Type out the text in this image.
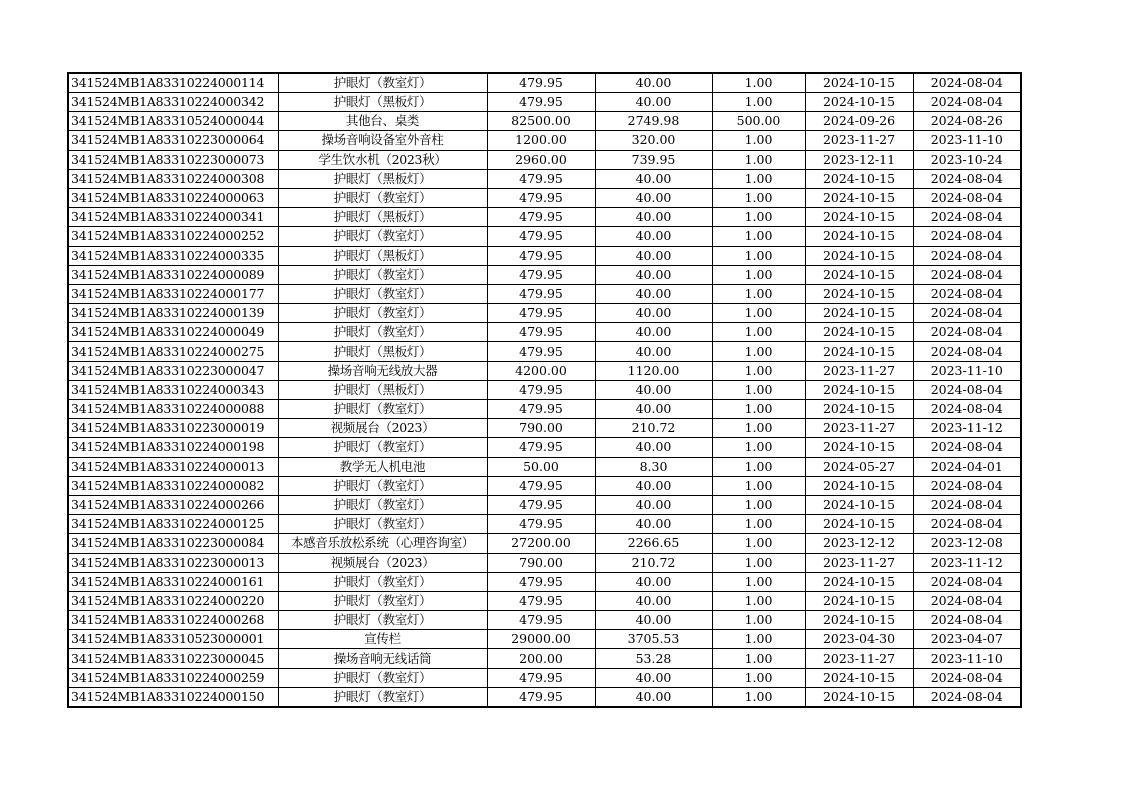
341524MB1A83310224000114	护眼灯（教室灯）	479.95	40.00	1.00	2024-10-15	2024-08-04
341524MB1A83310224000342	护眼灯（黑板灯）	479.95	40.00	1.00	2024-10-15	2024-08-04
341524MB1A83310524000044	其他台、桌类	82500.00	2749.98	500.00	2024-09-26	2024-08-26
341524MB1A83310223000064	操场音响设备室外音柱	1200.00	320.00	1.00	2023-11-27	2023-11-10
341524MB1A83310223000073	学生饮水机（2023秋）	2960.00	739.95	1.00	2023-12-11	2023-10-24
341524MB1A83310224000308	护眼灯（黑板灯）	479.95	40.00	1.00	2024-10-15	2024-08-04
341524MB1A83310224000063	护眼灯（教室灯）	479.95	40.00	1.00	2024-10-15	2024-08-04
341524MB1A83310224000341	护眼灯（黑板灯）	479.95	40.00	1.00	2024-10-15	2024-08-04
341524MB1A83310224000252	护眼灯（教室灯）	479.95	40.00	1.00	2024-10-15	2024-08-04
341524MB1A83310224000335	护眼灯（黑板灯）	479.95	40.00	1.00	2024-10-15	2024-08-04
341524MB1A83310224000089	护眼灯（教室灯）	479.95	40.00	1.00	2024-10-15	2024-08-04
341524MB1A83310224000177	护眼灯（教室灯）	479.95	40.00	1.00	2024-10-15	2024-08-04
341524MB1A83310224000139	护眼灯（教室灯）	479.95	40.00	1.00	2024-10-15	2024-08-04
341524MB1A83310224000049	护眼灯（教室灯）	479.95	40.00	1.00	2024-10-15	2024-08-04
341524MB1A83310224000275	护眼灯（黑板灯）	479.95	40.00	1.00	2024-10-15	2024-08-04
341524MB1A83310223000047	操场音响无线放大器	4200.00	1120.00	1.00	2023-11-27	2023-11-10
341524MB1A83310224000343	护眼灯（黑板灯）	479.95	40.00	1.00	2024-10-15	2024-08-04
341524MB1A83310224000088	护眼灯（教室灯）	479.95	40.00	1.00	2024-10-15	2024-08-04
341524MB1A83310223000019	视频展台（2023）	790.00	210.72	1.00	2023-11-27	2023-11-12
341524MB1A83310224000198	护眼灯（教室灯）	479.95	40.00	1.00	2024-10-15	2024-08-04
341524MB1A83310224000013	教学无人机电池	50.00	8.30	1.00	2024-05-27	2024-04-01
341524MB1A83310224000082	护眼灯（教室灯）	479.95	40.00	1.00	2024-10-15	2024-08-04
341524MB1A83310224000266	护眼灯（教室灯）	479.95	40.00	1.00	2024-10-15	2024-08-04
341524MB1A83310224000125	护眼灯（教室灯）	479.95	40.00	1.00	2024-10-15	2024-08-04
341524MB1A83310223000084	本感音乐放松系统（心理咨询室）	27200.00	2266.65	1.00	2023-12-12	2023-12-08
341524MB1A83310223000013	视频展台（2023）	790.00	210.72	1.00	2023-11-27	2023-11-12
341524MB1A83310224000161	护眼灯（教室灯）	479.95	40.00	1.00	2024-10-15	2024-08-04
341524MB1A83310224000220	护眼灯（教室灯）	479.95	40.00	1.00	2024-10-15	2024-08-04
341524MB1A83310224000268	护眼灯（教室灯）	479.95	40.00	1.00	2024-10-15	2024-08-04
341524MB1A83310523000001	宣传栏	29000.00	3705.53	1.00	2023-04-30	2023-04-07
341524MB1A83310223000045	操场音响无线话筒	200.00	53.28	1.00	2023-11-27	2023-11-10
341524MB1A83310224000259	护眼灯（教室灯）	479.95	40.00	1.00	2024-10-15	2024-08-04
341524MB1A83310224000150	护眼灯（教室灯）	479.95	40.00	1.00	2024-10-15	2024-08-04
